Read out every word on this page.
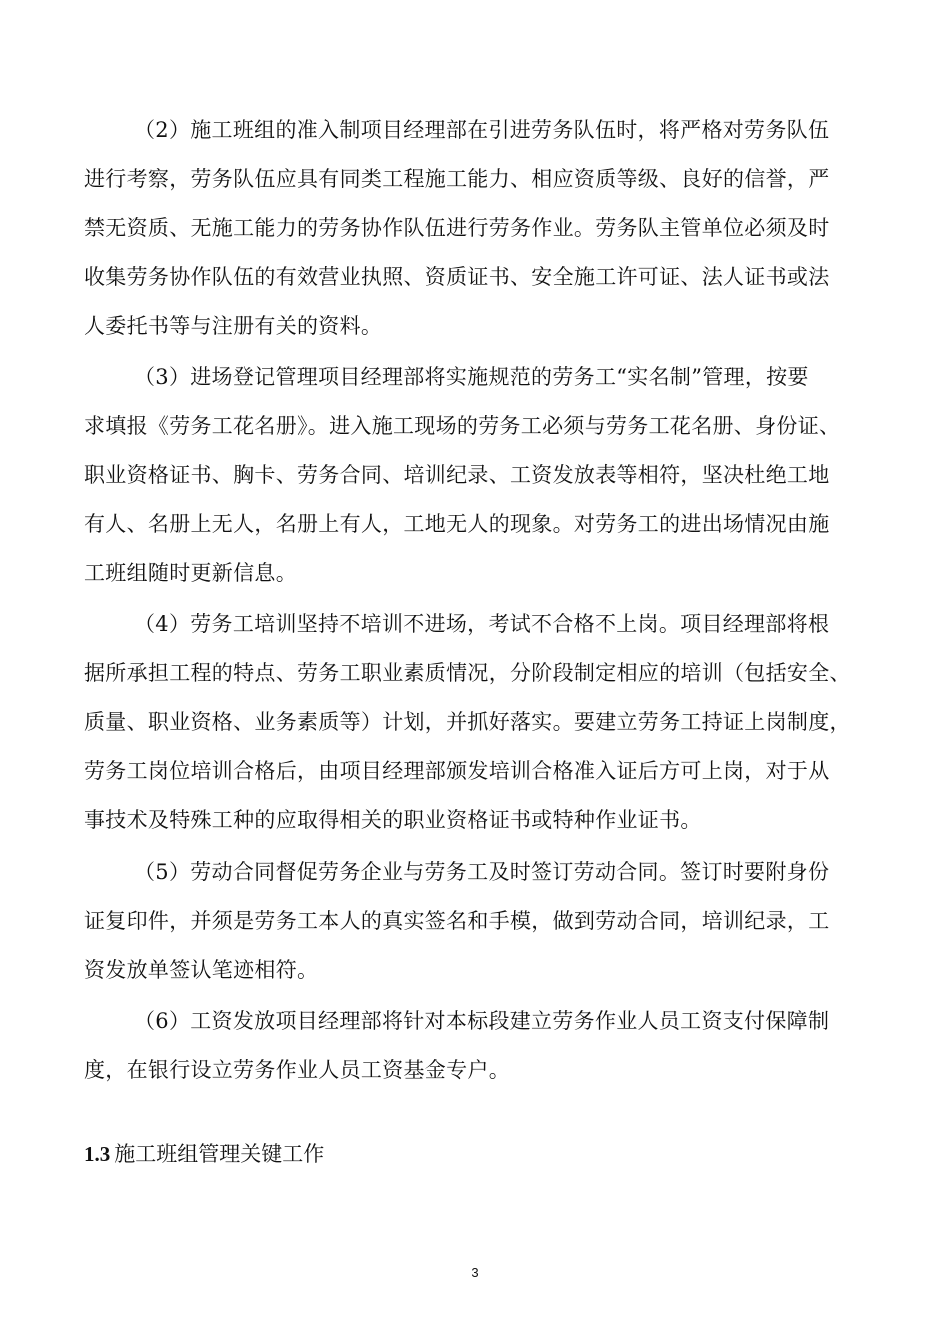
（2）施工班组的准入制项目经理部在引进劳务队伍时，将严格对劳务队伍
进行考察，劳务队伍应具有同类工程施工能力、相应资质等级、良好的信誉，严
禁无资质、无施工能力的劳务协作队伍进行劳务作业。劳务队主管单位必须及时
收集劳务协作队伍的有效营业执照、资质证书、安全施工许可证、法人证书或法
人委托书等与注册有关的资料。
（3）进场登记管理项目经理部将实施规范的劳务工“实名制”管理，按要
求填报《劳务工花名册》。进入施工现场的劳务工必须与劳务工花名册、身份证、
职业资格证书、胸卡、劳务合同、培训纪录、工资发放表等相符，坚决杜绝工地
有人、名册上无人，名册上有人，工地无人的现象。对劳务工的进出场情况由施
工班组随时更新信息。
（4）劳务工培训坚持不培训不进场，考试不合格不上岗。项目经理部将根
据所承担工程的特点、劳务工职业素质情况，分阶段制定相应的培训（包括安全、
质量、职业资格、业务素质等）计划，并抓好落实。要建立劳务工持证上岗制度，
劳务工岗位培训合格后，由项目经理部颁发培训合格准入证后方可上岗，对于从
事技术及特殊工种的应取得相关的职业资格证书或特种作业证书。
（5）劳动合同督促劳务企业与劳务工及时签订劳动合同。签订时要附身份
证复印件，并须是劳务工本人的真实签名和手模，做到劳动合同，培训纪录，工
资发放单签认笔迹相符。
（6）工资发放项目经理部将针对本标段建立劳务作业人员工资支付保障制
度，在银行设立劳务作业人员工资基金专户。
1.3 施工班组管理关键工作
3
